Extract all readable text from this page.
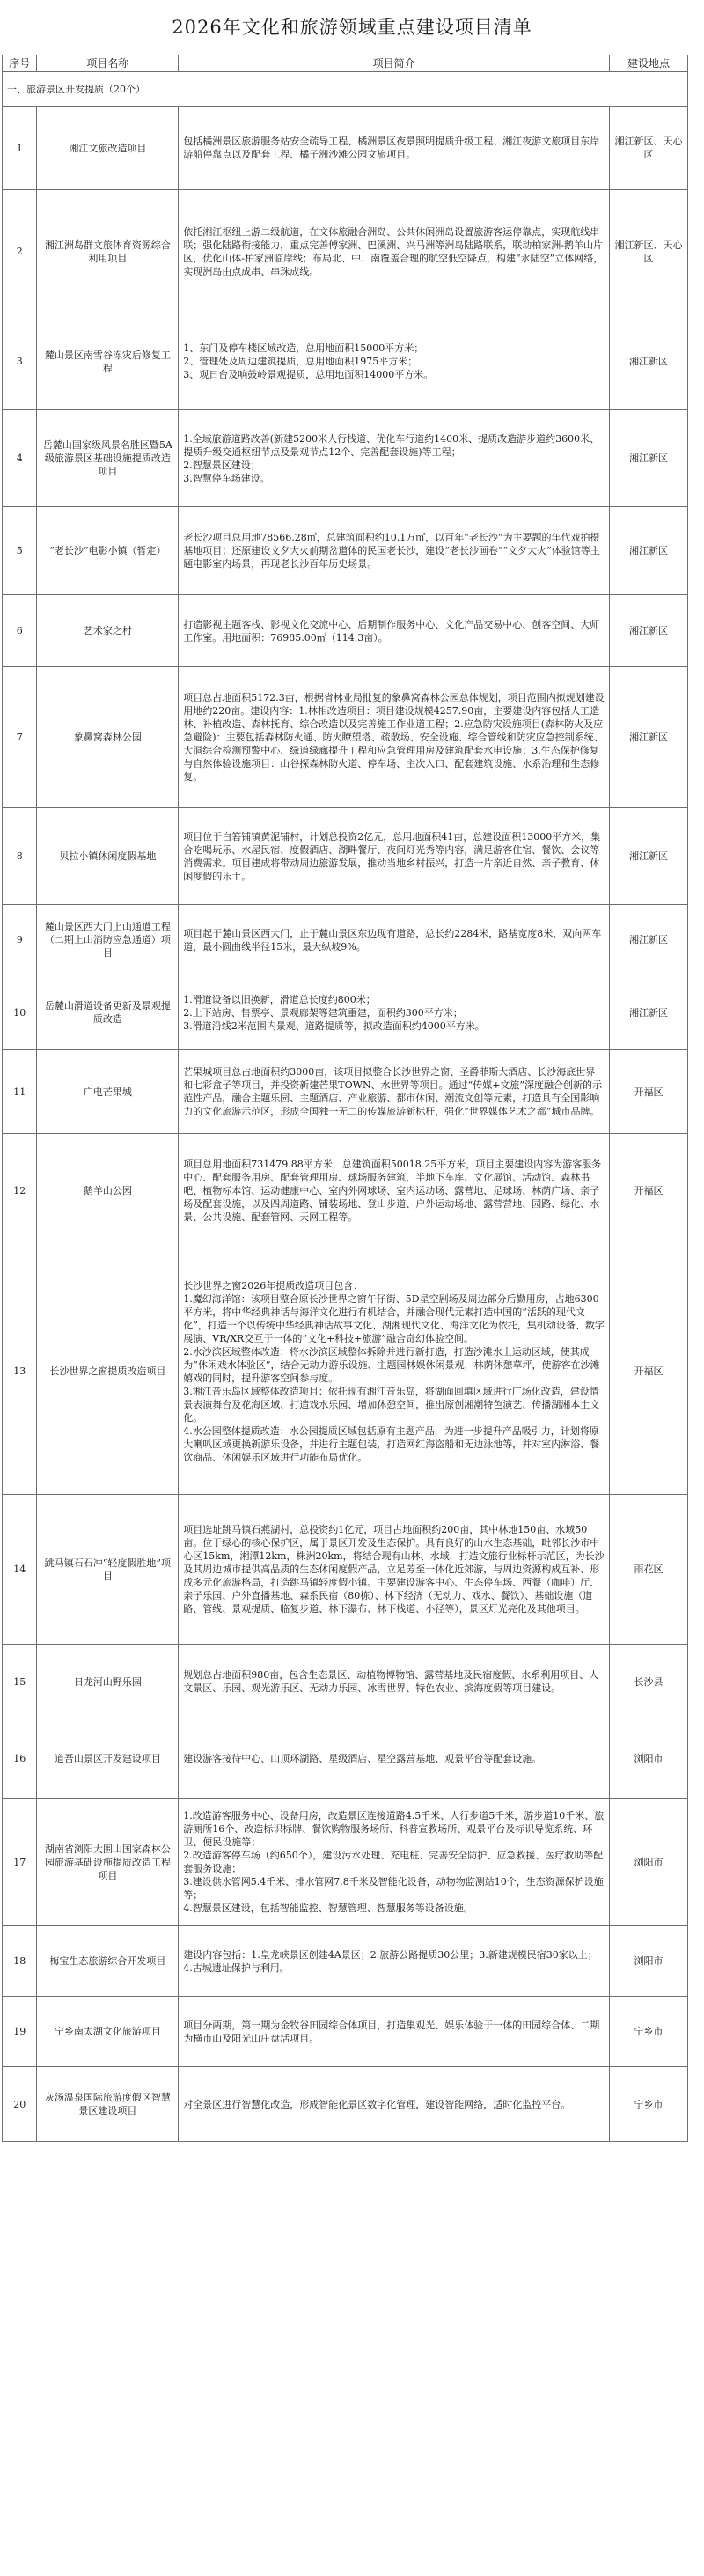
2026年文化和旅游领域重点建设项目清单
序号	项目名称	项目简介	建设地点
一、旅游景区开发提质（20个）			
1	湘江文旅改造项目	包括橘洲景区旅游服务站安全疏导工程、橘洲景区夜景照明提质升级工程、湘江夜游文旅项目东岸游船停靠点以及配套工程、橘子洲沙滩公园文旅项目。	湘江新区、天心区
2	湘江洲岛群文旅体育资源综合利用项目	依托湘江枢纽上游二级航道，在文体旅融合洲岛、公共休闲洲岛设置旅游客运停靠点，实现航线串联；强化陆路衔接能力，重点完善傅家洲、巴溪洲、兴马洲等洲岛陆路联系，联动柏家洲-鹅羊山片区，优化山体-柏家洲临岸线；布局北、中、南覆盖合理的航空低空降点，构建“水陆空”立体网络，实现洲岛由点成串、串珠成线。	湘江新区、天心区
3	麓山景区南雪谷冻灾后修复工程	1、东门及停车楼区域改造，总用地面积15000平方米；
2、管理处及周边建筑提质，总用地面积1975平方米；
3、观日台及响鼓岭景观提质，总用地面积14000平方米。	湘江新区
4	岳麓山国家级风景名胜区暨5A级旅游景区基础设施提质改造项目	1.全域旅游道路改善(新建5200米人行栈道、优化车行道约1400米、提质改造游步道约3600米、提质升级交通枢纽节点及景观节点12个、完善配套设施)等工程；
2.智慧景区建设；
3.智慧停车场建设。	湘江新区
5	“老长沙”电影小镇（暂定）	老长沙项目总用地78566.28㎡，总建筑面积约10.1万㎡，以百年“老长沙”为主要题的年代戏拍摄基地项目；还原建设文夕大火前期岔道体的民国老长沙，建设“老长沙画卷”“文夕大火”体验馆等主题电影室内场景，再现老长沙百年历史场景。	湘江新区
6	艺术家之村	打造影视主题客栈、影视文化交流中心、后期制作服务中心、文化产品交易中心、创客空间、大师工作室。用地面积：76985.00㎡（114.3亩）。	湘江新区
7	象鼻窝森林公园	项目总占地面积5172.3亩，根据省林业局批复的象鼻窝森林公园总体规划，项目范围内拟规划建设用地约220亩。建设内容：1.林相改造项目：项目建设规模4257.90亩，主要建设内容包括人工造林、补植改造、森林抚育、综合改造以及完善施工作业道工程；2.应急防灾设施项目(森林防火及应急避险)：主要包括森林防火通、防火瞭望塔、疏散场、安全设施、综合管线和防灾应急控制系统、大洞综合检测预警中心、绿道绿廊提升工程和应急管理用房及建筑配套水电设施；3.生态保护修复与自然体验设施项目：山谷探森林防火道、停车场、主次入口、配套建筑设施、水系治理和生态修复。	湘江新区
8	贝拉小镇休闲度假基地	项目位于白箬铺镇黄泥铺村，计划总投资2亿元，总用地面积41亩，总建设面积13000平方米，集合吃喝玩乐、水屋民宿、度假酒店、湖畔餐厅、夜间灯光秀等内容，满足游客住宿、餐饮、会议等消费需求。项目建成将带动周边旅游发展，推动当地乡村振兴，打造一片亲近自然、亲子教育、休闲度假的乐土。	湘江新区
9	麓山景区西大门上山通道工程（二期上山消防应急通道）项目	项目起于麓山景区西大门，止于麓山景区东边现有道路，总长约2284米，路基宽度8米，双向两车道，最小圆曲线半径15米，最大纵坡9%。	湘江新区
10	岳麓山滑道设备更新及景观提质改造	1.滑道设备以旧换新，滑道总长度约800米；
2.上下站房、售票亭、景观廊架等建筑重建，面积约300平方米；
3.滑道沿线2米范围内景观、道路提质等，拟改造面积约4000平方米。	湘江新区
11	广电芒果城	芒果城项目总占地面积约3000亩，该项目拟整合长沙世界之窗、圣爵菲斯大酒店、长沙海底世界和七彩盒子等项目，并投资新建芒果TOWN、水世界等项目。通过“传媒+文旅”深度融合创新的示范性产品，融合主题乐园、主题酒店、产业旅游、都市休闲、潮流文创等元素，打造具有全国影响力的文化旅游示范区，形成全国独一无二的传媒旅游新标杆，强化“世界媒体艺术之都”城市品牌。	开福区
12	鹅羊山公园	项目总用地面积731479.88平方米，总建筑面积50018.25平方米，项目主要建设内容为游客服务中心、配套服务用房、配套管理用房、球场服务建筑、半地下车库、文化展馆、活动馆、森林书吧、植物标本馆、运动健康中心、室内外网球场、室内运动场、露营地、足球场、林荫广场、亲子场及配套设施，以及四周道路、铺装场地、登山步道、户外运动场地、露营营地、园路、绿化、水景、公共设施、配套管网、天网工程等。	开福区
13	长沙世界之窗提质改造项目	长沙世界之窗2026年提质改造项目包含：
1.魔幻海洋馆：该项目整合原长沙世界之窗午仔街、5D星空剧场及周边部分后勤用房，占地6300平方米，将中华经典神话与海洋文化进行有机结合，并融合现代元素打造中国的“活跃的现代文化”，打造一个以传统中华经典神话故事文化、湖湘现代文化、海洋文化为依托，集机动设备、数字展演、VR/XR交互于一体的“文化+科技+旅游”融合奇幻体验空间。
2.水沙滨区域整体改造：将水沙滨区域整体拆除并进行新打造，打造沙滩水上运动区域，使其成为“休闲戏水体验区”，结合无动力游乐设施、主题园林娱休闲景观，林荫休憩草坪，使游客在沙滩嬉戏的同时，提升游客空间参与度。
3.湘江音乐岛区域整体改造项目：依托现有湘江音乐岛，将湖面回填区域进行广场化改造，建设情景表演舞台及花海区域、打造戏水乐园、增加休憩空间，推出原创湘潮特色演艺、传播湖湘本土文化。
4.水公园整体提质改造：水公园提质区域包括原有主题产品，为进一步提升产品吸引力，计划将原大喇叭区域更换新游乐设备，并进行主题包装，打造网红海盗船和无边泳池等，并对室内淋浴、餐饮商品、休闲娱乐区域进行功能布局优化。	开福区
14	跳马镇石石冲“轻度假胜地”项目	项目选址跳马镇石燕湖村，总投资约1亿元，项目占地面积约200亩，其中林地150亩、水域50亩。位于绿心的核心保护区，属于景区开发及生态保护。具有良好的山水生态基础，毗邻长沙市中心区15km，湘潭12km，株洲20km，将结合现有山林、水域，打造文旅行业标杆示范区，为长沙及其周边城市提供高品质的生态休闲度假产品，立足芳至一体化近郊游，与周边资源构成互补、形成多元化旅游格局，打造跳马镇轻度假小镇。主要建设游客中心、生态停车场、西餐（咖啡）厅、亲子乐园、户外直播基地、森系民宿（80栋）、林下经济（无动力、戏水、餐饮）、基础设施（道路、管线、景观提质、临复步道、林下瀑布、林下栈道、小径等），景区灯光亮化及其他项目。	雨花区
15	日龙河山野乐园	规划总占地面积980亩，包含生态景区、动植物博物馆、露营基地及民宿度假、水系利用项目、人文景区、乐园、观光游乐区、无动力乐园、冰雪世界、特色农业、滨海度假等项目建设。	长沙县
16	道吾山景区开发建设项目	建设游客接待中心、山顶环湖路、星级酒店、星空露营基地、观景平台等配套设施。	浏阳市
17	湖南省浏阳大围山国家森林公园旅游基础设施提质改造工程项目	1.改造游客服务中心、设备用房，改造景区连接道路4.5千米、人行步道5千米，游步道10千米、旅游厕所16个、改造标识标牌、餐饮购物服务场所、科普宣教场所、观景平台及标识导览系统、环卫、便民设施等；
2.改造游客停车场（约650个），建设污水处理、充电桩、完善安全防护、应急救援、医疗救助等配套服务设施；
3.建设供水管网5.4千米、排水管网7.8千米及智能化设备，动物物监测站10个，生态资源保护设施等；
4.智慧景区建设，包括智能监控、智慧管理、智慧服务等设备设施。	浏阳市
18	梅宝生态旅游综合开发项目	建设内容包括：1.皇龙峡景区创建4A景区；2.旅游公路提质30公里；3.新建规模民宿30家以上；4.古城遗址保护与利用。	浏阳市
19	宁乡南太湖文化旅游项目	项目分两期，第一期为金牧谷田园综合体项目，打造集观光、娱乐体验于一体的田园综合体、二期为横市山及阳光山庄盘活项目。	宁乡市
20	灰汤温泉国际旅游度假区智慧景区建设项目	对全景区进行智慧化改造，形成智能化景区数字化管理，建设智能网络，适时化监控平台。	宁乡市
